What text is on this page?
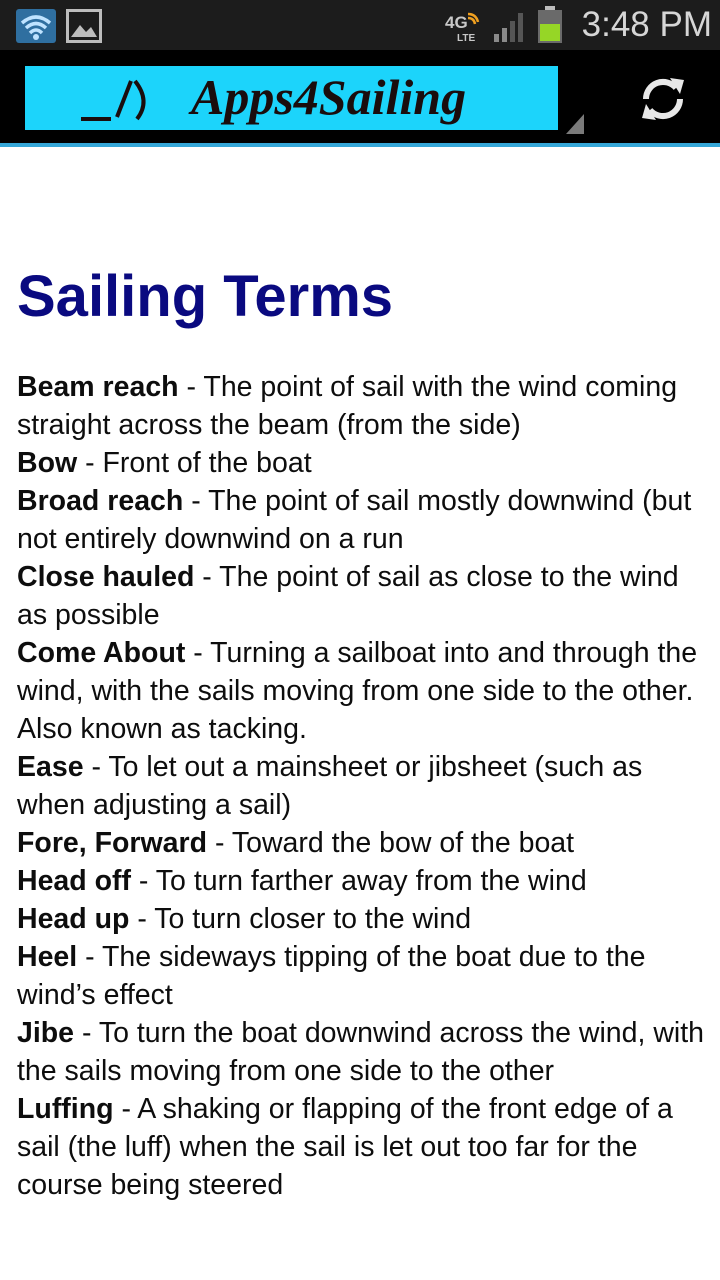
4G
LTE	3:48 PM
Apps4Sailing
Sailing Terms
Beam reach - The point of sail with the wind coming straight across the beam (from the side)
Bow - Front of the boat
Broad reach - The point of sail mostly downwind (but not entirely downwind on a run
Close hauled - The point of sail as close to the wind as possible
Come About - Turning a sailboat into and through the wind, with the sails moving from one side to the other.  Also known as tacking.
Ease - To let out a mainsheet or jibsheet (such as when adjusting a sail)
Fore, Forward - Toward the bow of the boat
Head off - To turn farther away from the wind
Head up - To turn closer to the wind
Heel - The sideways tipping of the boat due to the wind’s effect
Jibe - To turn the boat downwind across the wind, with the sails moving from one side to the other
Luffing - A shaking or flapping of the front edge of a sail (the luff) when the sail is let out too far for the course being steered
